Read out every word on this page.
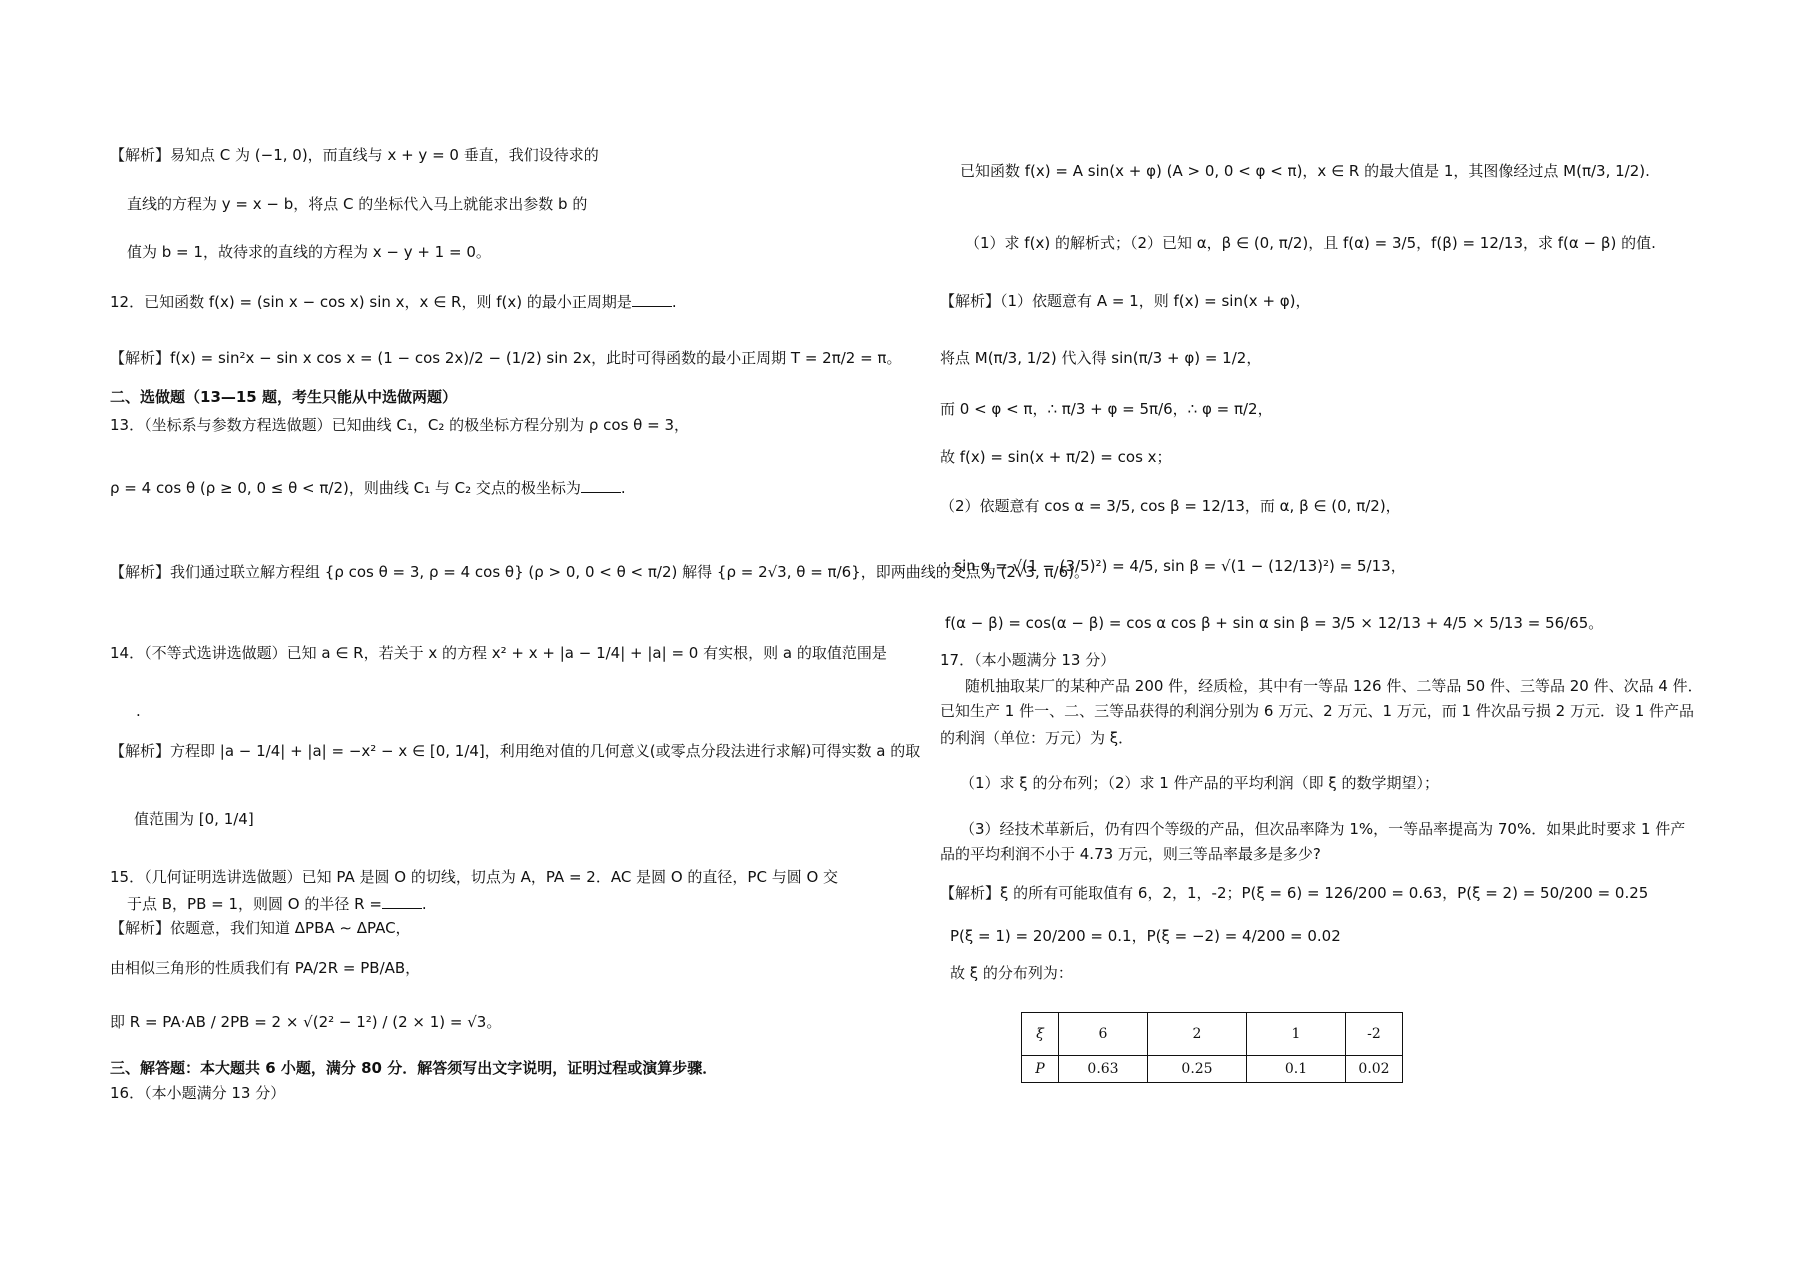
【解析】易知点 C 为 (−1, 0)，而直线与 x + y = 0 垂直，我们设待求的
直线的方程为 y = x − b，将点 C 的坐标代入马上就能求出参数 b 的
值为 b = 1，故待求的直线的方程为 x − y + 1 = 0。
12．已知函数 f(x) = (sin x − cos x) sin x，x ∈ R，则 f(x) 的最小正周期是	.
【解析】f(x) = sin²x − sin x cos x = (1 − cos 2x)/2 − (1/2) sin 2x，此时可得函数的最小正周期 T = 2π/2 = π。
二、选做题（13—15 题，考生只能从中选做两题）
13．（坐标系与参数方程选做题）已知曲线 C₁，C₂ 的极坐标方程分别为 ρ cos θ = 3，
ρ = 4 cos θ (ρ ≥ 0, 0 ≤ θ < π/2)，则曲线 C₁ 与 C₂ 交点的极坐标为	.
【解析】我们通过联立解方程组 {ρ cos θ = 3, ρ = 4 cos θ} (ρ > 0, 0 < θ < π/2) 解得 {ρ = 2√3, θ = π/6}，即两曲线的交点为 (2√3, π/6)。
14．（不等式选讲选做题）已知 a ∈ R，若关于 x 的方程 x² + x + |a − 1/4| + |a| = 0 有实根，则 a 的取值范围是
.
【解析】方程即 |a − 1/4| + |a| = −x² − x ∈ [0, 1/4]，利用绝对值的几何意义(或零点分段法进行求解)可得实数 a 的取
值范围为 [0, 1/4]
15．（几何证明选讲选做题）已知 PA 是圆 O 的切线，切点为 A，PA = 2．AC 是圆 O 的直径，PC 与圆 O 交
于点 B，PB = 1，则圆 O 的半径 R =	.
【解析】依题意，我们知道 ΔPBA ∼ ΔPAC，
由相似三角形的性质我们有 PA/2R = PB/AB，
即 R = PA·AB / 2PB = 2 × √(2² − 1²) / (2 × 1) = √3。
三、解答题：本大题共 6 小题，满分 80 分．解答须写出文字说明，证明过程或演算步骤．
16．（本小题满分 13 分）
已知函数 f(x) = A sin(x + φ) (A > 0, 0 < φ < π)，x ∈ R 的最大值是 1，其图像经过点 M(π/3, 1/2).
（1）求 f(x) 的解析式；（2）已知 α，β ∈ (0, π/2)，且 f(α) = 3/5，f(β) = 12/13，求 f(α − β) 的值.
【解析】（1）依题意有 A = 1，则 f(x) = sin(x + φ)，
将点 M(π/3, 1/2) 代入得 sin(π/3 + φ) = 1/2，
而 0 < φ < π，∴ π/3 + φ = 5π/6，∴ φ = π/2，
故 f(x) = sin(x + π/2) = cos x；
（2）依题意有 cos α = 3/5, cos β = 12/13，而 α, β ∈ (0, π/2)，
∴ sin α = √(1 − (3/5)²) = 4/5, sin β = √(1 − (12/13)²) = 5/13，
f(α − β) = cos(α − β) = cos α cos β + sin α sin β = 3/5 × 12/13 + 4/5 × 5/13 = 56/65。
17．（本小题满分 13 分）
随机抽取某厂的某种产品 200 件，经质检，其中有一等品 126 件、二等品 50 件、三等品 20 件、次品 4 件．
已知生产 1 件一、二、三等品获得的利润分别为 6 万元、2 万元、1 万元，而 1 件次品亏损 2 万元．设 1 件产品
的利润（单位：万元）为 ξ．
（1）求 ξ 的分布列；（2）求 1 件产品的平均利润（即 ξ 的数学期望）；
（3）经技术革新后，仍有四个等级的产品，但次品率降为 1%，一等品率提高为 70%．如果此时要求 1 件产
品的平均利润不小于 4.73 万元，则三等品率最多是多少?
【解析】ξ 的所有可能取值有 6，2，1，-2；P(ξ = 6) = 126/200 = 0.63，P(ξ = 2) = 50/200 = 0.25
P(ξ = 1) = 20/200 = 0.1，P(ξ = −2) = 4/200 = 0.02
故 ξ 的分布列为：
ξ	6	2	1	-2
P	0.63	0.25	0.1	0.02
